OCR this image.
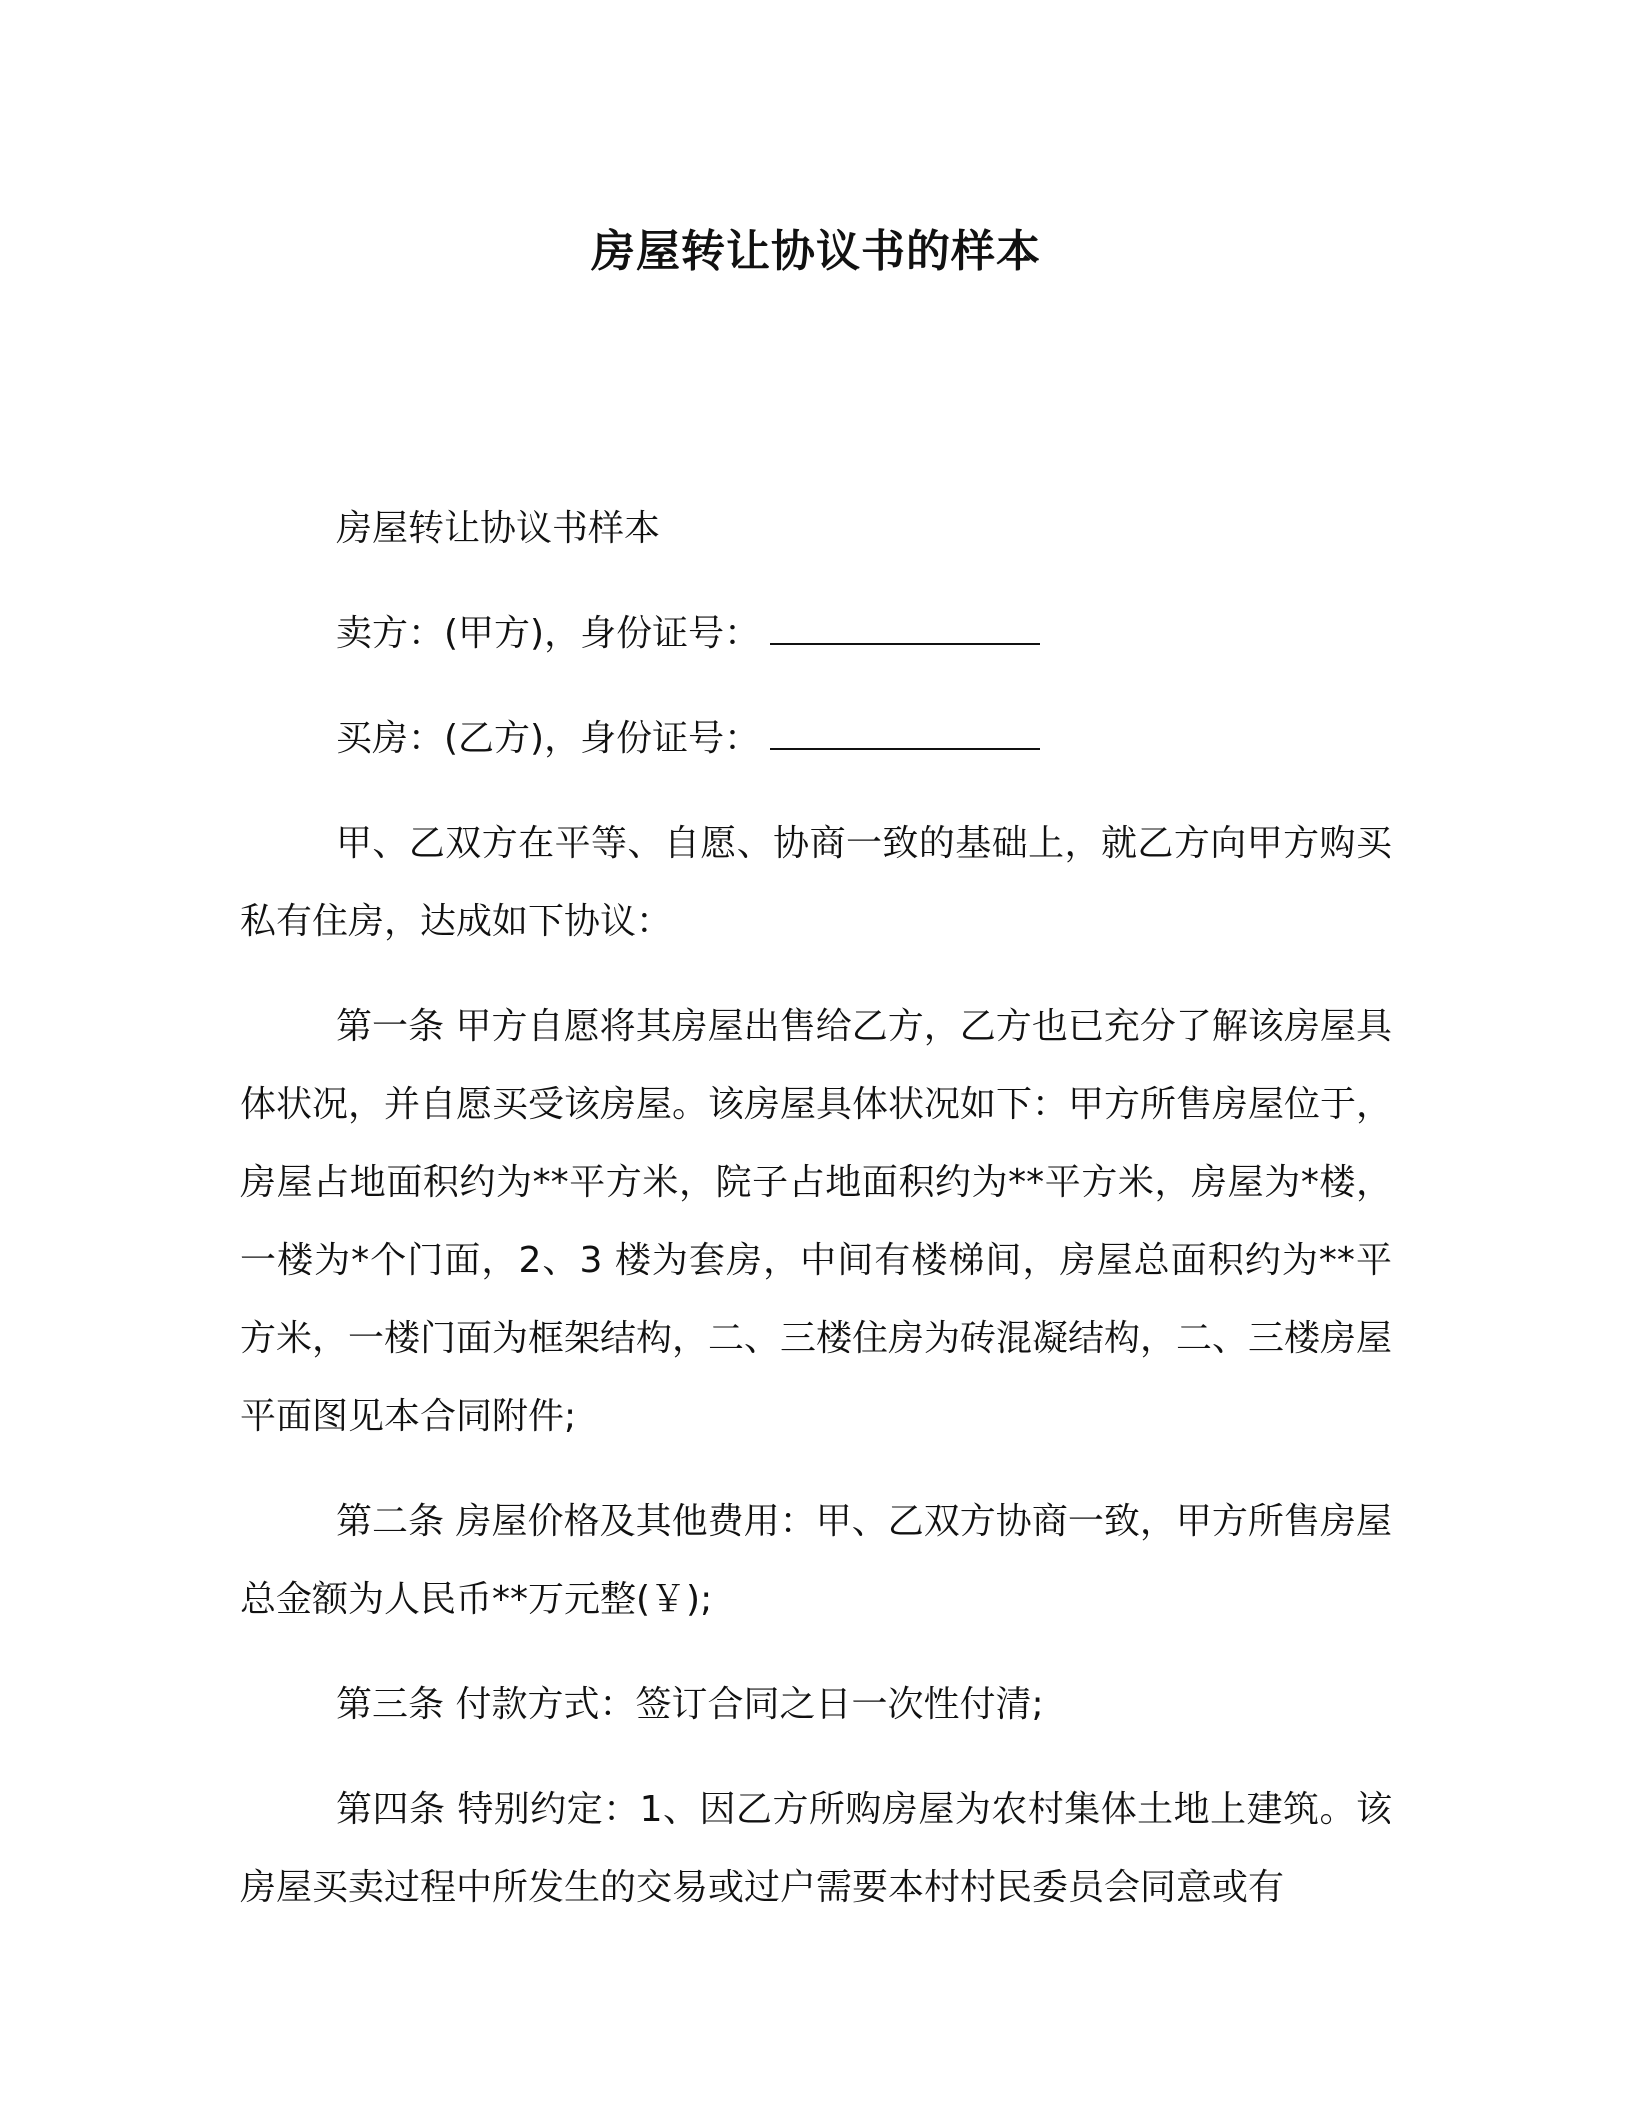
房屋转让协议书的样本
房屋转让协议书样本
卖方：(甲方)，身份证号：
买房：(乙方)，身份证号：

甲、乙双方在平等、自愿、协商一致的基础上，就乙方向甲方购买私有住房，达成如下协议：

第一条 甲方自愿将其房屋出售给乙方，乙方也已充分了解该房屋具体状况，并自愿买受该房屋。该房屋具体状况如下：甲方所售房屋位于，房屋占地面积约为**平方米，院子占地面积约为**平方米，房屋为*楼，一楼为*个门面，2、3 楼为套房，中间有楼梯间，房屋总面积约为**平方米，一楼门面为框架结构，二、三楼住房为砖混凝结构，二、三楼房屋平面图见本合同附件;

第二条 房屋价格及其他费用：甲、乙双方协商一致，甲方所售房屋总金额为人民币**万元整(￥);

第三条 付款方式：签订合同之日一次性付清;

第四条 特别约定：1、因乙方所购房屋为农村集体土地上建筑。该房屋买卖过程中所发生的交易或过户需要本村村民委员会同意或有
